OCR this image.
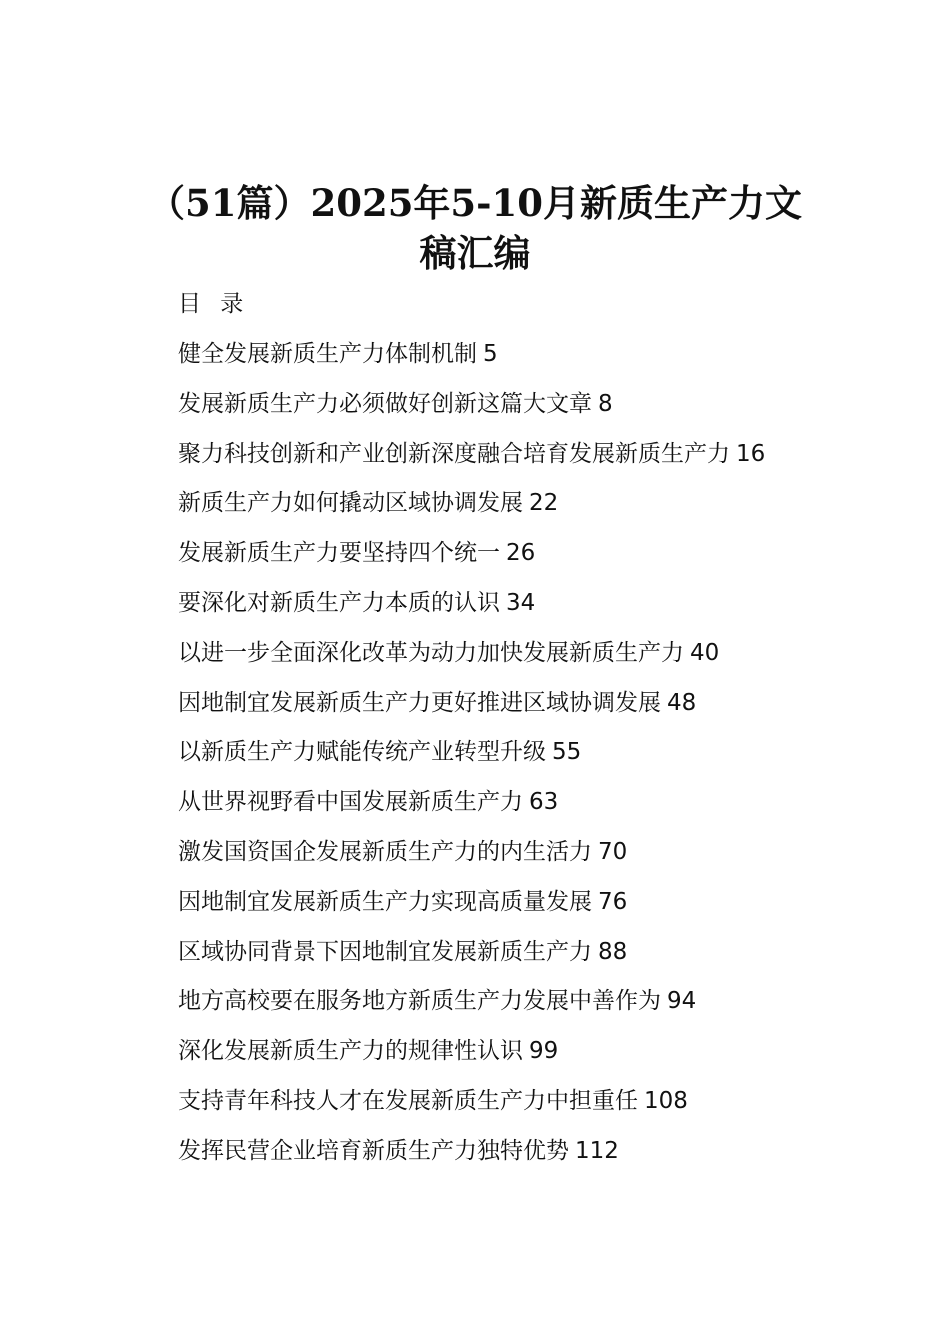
（51篇）2025年5-10月新质生产力文
稿汇编
目 录
健全发展新质生产力体制机制 5
发展新质生产力必须做好创新这篇大文章 8
聚力科技创新和产业创新深度融合培育发展新质生产力 16
新质生产力如何撬动区域协调发展 22
发展新质生产力要坚持四个统一 26
要深化对新质生产力本质的认识 34
以进一步全面深化改革为动力加快发展新质生产力 40
因地制宜发展新质生产力更好推进区域协调发展 48
以新质生产力赋能传统产业转型升级 55
从世界视野看中国发展新质生产力 63
激发国资国企发展新质生产力的内生活力 70
因地制宜发展新质生产力实现高质量发展 76
区域协同背景下因地制宜发展新质生产力 88
地方高校要在服务地方新质生产力发展中善作为 94
深化发展新质生产力的规律性认识 99
支持青年科技人才在发展新质生产力中担重任 108
发挥民营企业培育新质生产力独特优势 112
